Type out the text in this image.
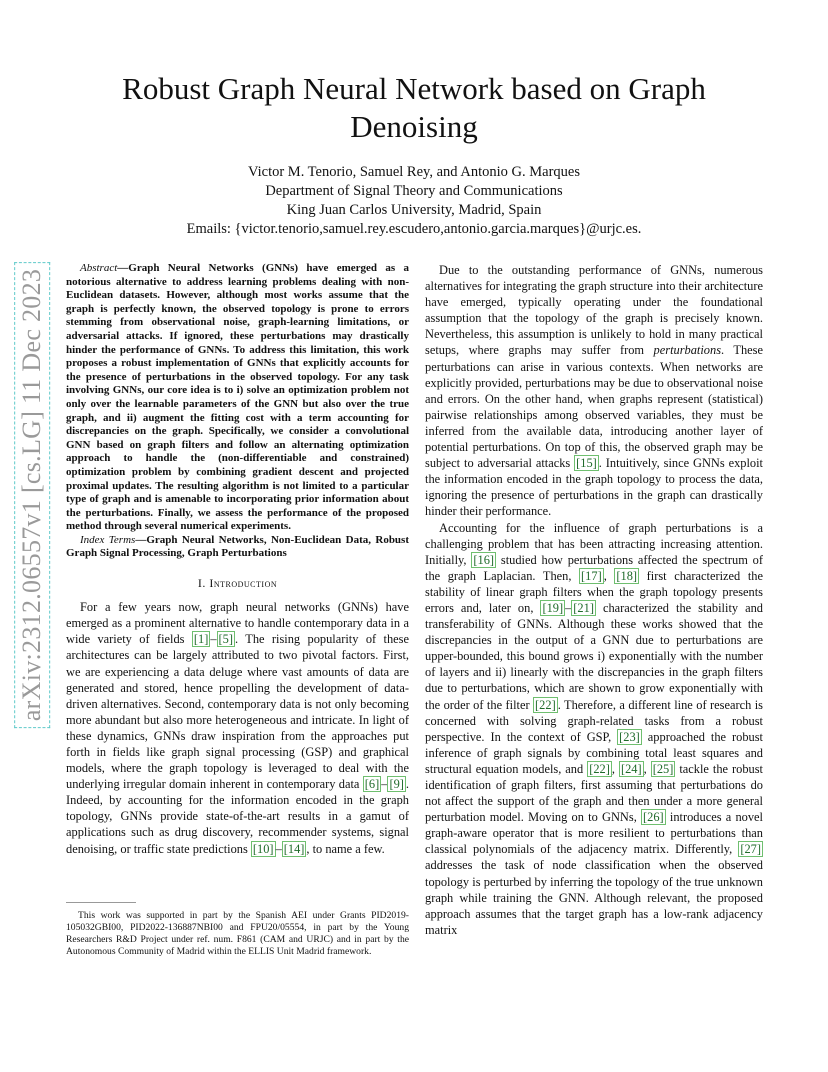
arXiv:2312.06557v1 [cs.LG] 11 Dec 2023
Robust Graph Neural Network based on Graph Denoising
Victor M. Tenorio, Samuel Rey, and Antonio G. Marques
Department of Signal Theory and Communications
King Juan Carlos University, Madrid, Spain
Emails: {victor.tenorio,samuel.rey.escudero,antonio.garcia.marques}@urjc.es.

Abstract—Graph Neural Networks (GNNs) have emerged as a notorious alternative to address learning problems dealing with non-Euclidean datasets. However, although most works assume that the graph is perfectly known, the observed topology is prone to errors stemming from observational noise, graph-learning limitations, or adversarial attacks. If ignored, these perturbations may drastically hinder the performance of GNNs. To address this limitation, this work proposes a robust implementation of GNNs that explicitly accounts for the presence of perturbations in the observed topology. For any task involving GNNs, our core idea is to i) solve an optimization problem not only over the learnable parameters of the GNN but also over the true graph, and ii) augment the fitting cost with a term accounting for discrepancies on the graph. Specifically, we consider a convolutional GNN based on graph filters and follow an alternating optimization approach to handle the (non-differentiable and constrained) optimization problem by combining gradient descent and projected proximal updates. The resulting algorithm is not limited to a particular type of graph and is amenable to incorporating prior information about the perturbations. Finally, we assess the performance of the proposed method through several numerical experiments.

Index Terms—Graph Neural Networks, Non-Euclidean Data, Robust Graph Signal Processing, Graph Perturbations

I. Introduction

For a few years now, graph neural networks (GNNs) have emerged as a prominent alternative to handle contemporary data in a wide variety of fields [1] – [5] . The rising popularity of these architectures can be largely attributed to two pivotal factors. First, we are experiencing a data deluge where vast amounts of data are generated and stored, hence propelling the development of data-driven alternatives. Second, contemporary data is not only becoming more abundant but also more heterogeneous and intricate. In light of these dynamics, GNNs draw inspiration from the approaches put forth in fields like graph signal processing (GSP) and graphical models, where the graph topology is leveraged to deal with the underlying irregular domain inherent in contemporary data [6] – [9] . Indeed, by accounting for the information encoded in the graph topology, GNNs provide state-of-the-art results in a gamut of applications such as drug discovery, recommender systems, signal denoising, or traffic state predictions [10] – [14] , to name a few.

This work was supported in part by the Spanish AEI under Grants PID2019-105032GBI00, PID2022-136887NBI00 and FPU20/05554, in part by the Young Researchers R&D Project under ref. num. F861 (CAM and URJC) and in part by the Autonomous Community of Madrid within the ELLIS Unit Madrid framework.

Due to the outstanding performance of GNNs, numerous alternatives for integrating the graph structure into their architecture have emerged, typically operating under the foundational assumption that the topology of the graph is precisely known. Nevertheless, this assumption is unlikely to hold in many practical setups, where graphs may suffer from perturbations. These perturbations can arise in various contexts. When networks are explicitly provided, perturbations may be due to observational noise and errors. On the other hand, when graphs represent (statistical) pairwise relationships among observed variables, they must be inferred from the available data, introducing another layer of potential perturbations. On top of this, the observed graph may be subject to adversarial attacks [15] . Intuitively, since GNNs exploit the information encoded in the graph topology to process the data, ignoring the presence of perturbations in the graph can drastically hinder their performance.

Accounting for the influence of graph perturbations is a challenging problem that has been attracting increasing attention. Initially, [16] studied how perturbations affected the spectrum of the graph Laplacian. Then, [17] , [18] first characterized the stability of linear graph filters when the graph topology presents errors and, later on, [19] – [21] characterized the stability and transferability of GNNs. Although these works showed that the discrepancies in the output of a GNN due to perturbations are upper-bounded, this bound grows i) exponentially with the number of layers and ii) linearly with the discrepancies in the graph filters due to perturbations, which are shown to grow exponentially with the order of the filter [22] . Therefore, a different line of research is concerned with solving graph-related tasks from a robust perspective. In the context of GSP, [23] approached the robust inference of graph signals by combining total least squares and structural equation models, and [22] , [24] , [25] tackle the robust identification of graph filters, first assuming that perturbations do not affect the support of the graph and then under a more general perturbation model. Moving on to GNNs, [26] introduces a novel graph-aware operator that is more resilient to perturbations than classical polynomials of the adjacency matrix. Differently, [27] addresses the task of node classification when the observed topology is perturbed by inferring the topology of the true unknown graph while training the GNN. Although relevant, the proposed approach assumes that the target graph has a low-rank adjacency matrix
